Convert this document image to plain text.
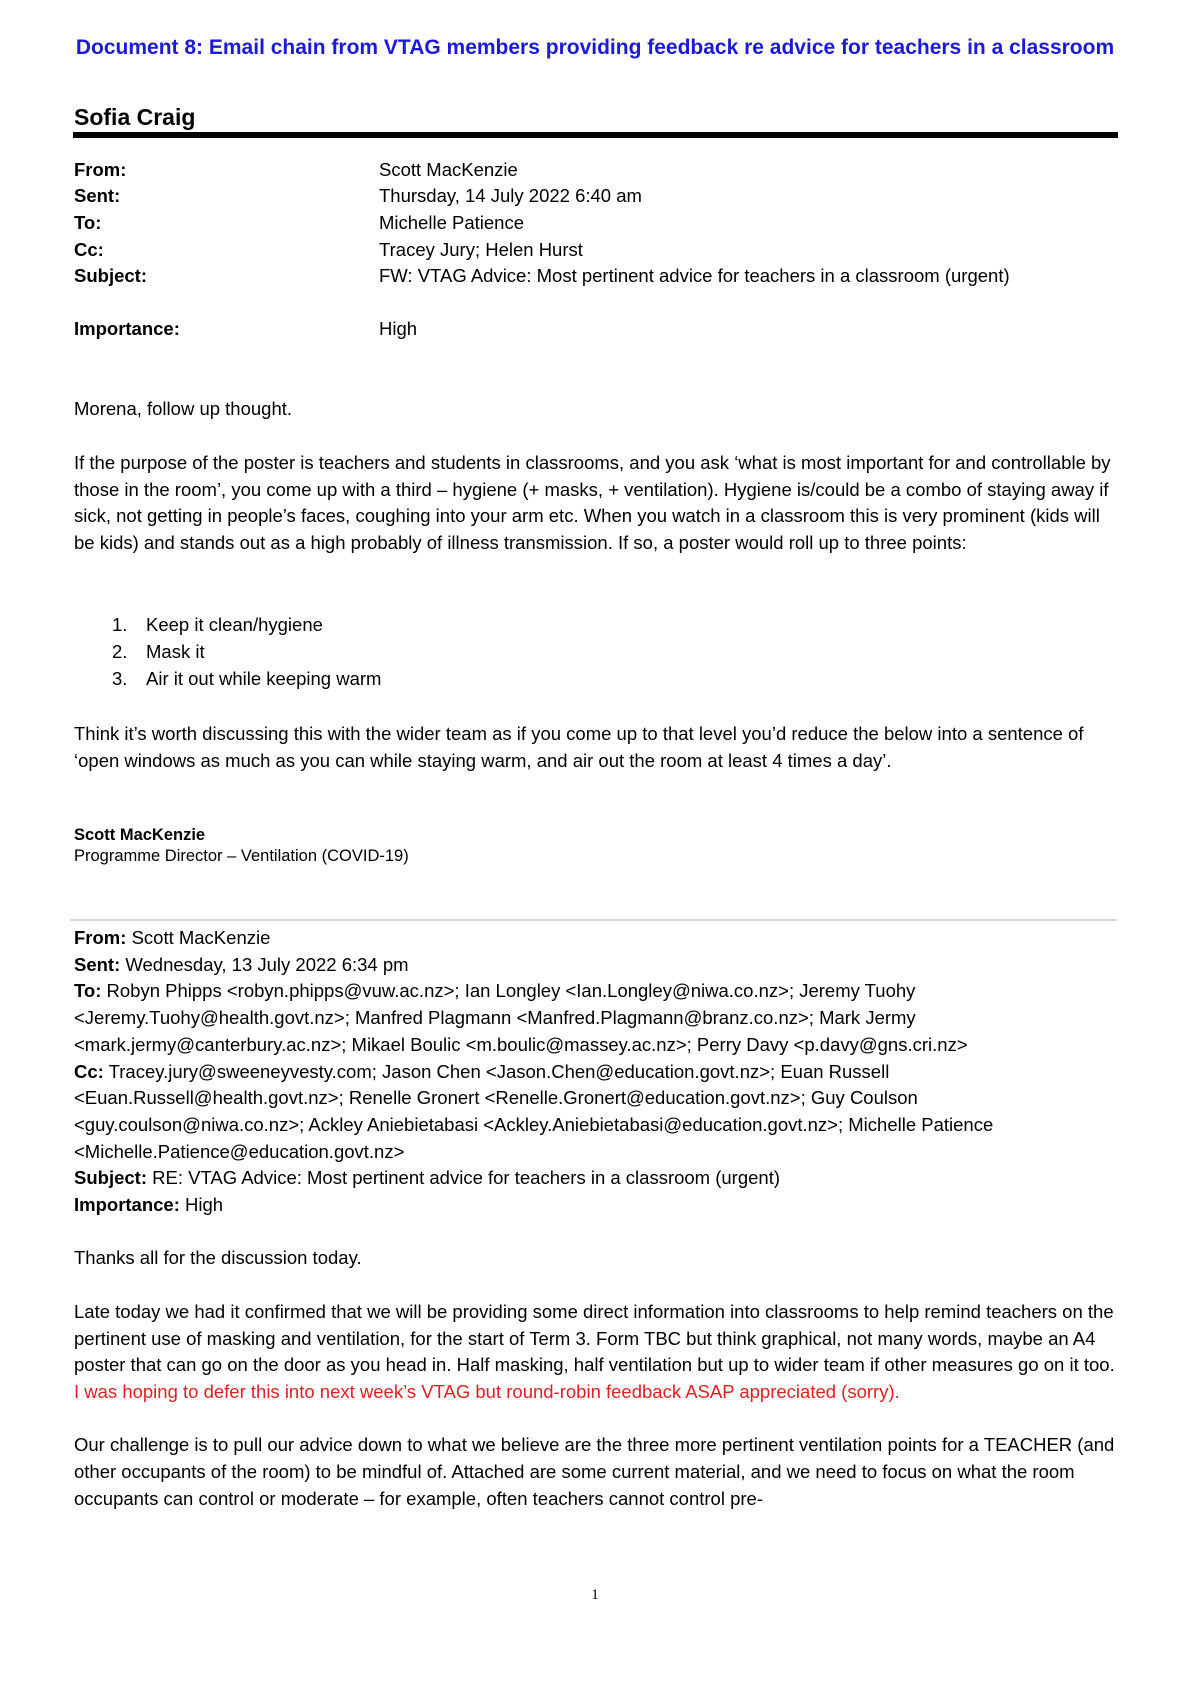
Document 8: Email chain from VTAG members providing feedback re advice for teachers in a classroom
Sofia Craig
From:	Scott MacKenzie
Sent:	Thursday, 14 July 2022 6:40 am
To:	Michelle Patience
Cc:	Tracey Jury; Helen Hurst
Subject:	FW: VTAG Advice: Most pertinent advice for teachers in a classroom (urgent)
Importance:	High

Morena, follow up thought.

If the purpose of the poster is teachers and students in classrooms, and you ask ‘what is most important for and controllable by those in the room’, you come up with a third – hygiene (+ masks, + ventilation). Hygiene is/could be a combo of staying away if sick, not getting in people’s faces, coughing into your arm etc. When you watch in a classroom this is very prominent (kids will be kids) and stands out as a high probably of illness transmission. If so, a poster would roll up to three points:

1. Keep it clean/hygiene
2. Mask it
3. Air it out while keeping warm

Think it’s worth discussing this with the wider team as if you come up to that level you’d reduce the below into a sentence of ‘open windows as much as you can while staying warm, and air out the room at least 4 times a day’.

Scott MacKenzie
Programme Director – Ventilation (COVID-19)

From: Scott MacKenzie

Sent: Wednesday, 13 July 2022 6:34 pm

To: Robyn Phipps <robyn.phipps@vuw.ac.nz>; Ian Longley <Ian.Longley@niwa.co.nz>; Jeremy Tuohy <Jeremy.Tuohy@health.govt.nz>; Manfred Plagmann <Manfred.Plagmann@branz.co.nz>; Mark Jermy <mark.jermy@canterbury.ac.nz>; Mikael Boulic <m.boulic@massey.ac.nz>; Perry Davy <p.davy@gns.cri.nz>

Cc: Tracey.jury@sweeneyvesty.com; Jason Chen <Jason.Chen@education.govt.nz>; Euan Russell <Euan.Russell@health.govt.nz>; Renelle Gronert <Renelle.Gronert@education.govt.nz>; Guy Coulson <guy.coulson@niwa.co.nz>; Ackley Aniebietabasi <Ackley.Aniebietabasi@education.govt.nz>; Michelle Patience <Michelle.Patience@education.govt.nz>

Subject: RE: VTAG Advice: Most pertinent advice for teachers in a classroom (urgent)

Importance: High

Thanks all for the discussion today.

Late today we had it confirmed that we will be providing some direct information into classrooms to help remind teachers on the pertinent use of masking and ventilation, for the start of Term 3. Form TBC but think graphical, not many words, maybe an A4 poster that can go on the door as you head in. Half masking, half ventilation but up to wider team if other measures go on it too. I was hoping to defer this into next week’s VTAG but round-robin feedback ASAP appreciated (sorry).

Our challenge is to pull our advice down to what we believe are the three more pertinent ventilation points for a TEACHER (and other occupants of the room) to be mindful of. Attached are some current material, and we need to focus on what the room occupants can control or moderate – for example, often teachers cannot control pre-

1
